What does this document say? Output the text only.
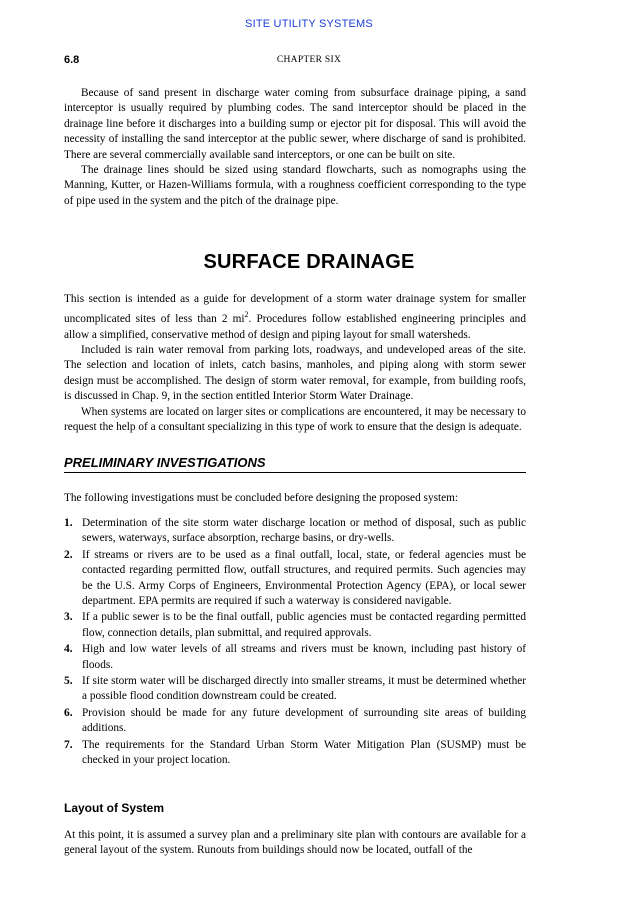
SITE UTILITY SYSTEMS
6.8	CHAPTER SIX

Because of sand present in discharge water coming from subsurface drainage piping, a sand interceptor is usually required by plumbing codes. The sand interceptor should be placed in the drainage line before it discharges into a building sump or ejector pit for disposal. This will avoid the necessity of installing the sand interceptor at the public sewer, where discharge of sand is prohibited. There are several commercially available sand interceptors, or one can be built on site.

The drainage lines should be sized using standard flowcharts, such as nomographs using the Manning, Kutter, or Hazen-Williams formula, with a roughness coefficient corresponding to the type of pipe used in the system and the pitch of the drainage pipe.

SURFACE DRAINAGE

This section is intended as a guide for development of a storm water drainage system for smaller uncomplicated sites of less than 2 $mi^2$. Procedures follow established engineering principles and allow a simplified, conservative method of design and piping layout for small watersheds.

Included is rain water removal from parking lots, roadways, and undeveloped areas of the site. The selection and location of inlets, catch basins, manholes, and piping along with storm sewer design must be accomplished. The design of storm water removal, for example, from building roofs, is discussed in Chap. 9, in the section entitled Interior Storm Water Drainage.

When systems are located on larger sites or complications are encountered, it may be necessary to request the help of a consultant specializing in this type of work to ensure that the design is adequate.

PRELIMINARY INVESTIGATIONS

The following investigations must be concluded before designing the proposed system:

1. Determination of the site storm water discharge location or method of disposal, such as public sewers, waterways, surface absorption, recharge basins, or dry-wells.

2. If streams or rivers are to be used as a final outfall, local, state, or federal agencies must be contacted regarding permitted flow, outfall structures, and required permits. Such agencies may be the U.S. Army Corps of Engineers, Environmental Protection Agency (EPA), or local sewer department. EPA permits are required if such a waterway is considered navigable.

3. If a public sewer is to be the final outfall, public agencies must be contacted regarding permitted flow, connection details, plan submittal, and required approvals.

4. High and low water levels of all streams and rivers must be known, including past history of floods.

5. If site storm water will be discharged directly into smaller streams, it must be determined whether a possible flood condition downstream could be created.

6. Provision should be made for any future development of surrounding site areas of building additions.

7. The requirements for the Standard Urban Storm Water Mitigation Plan (SUSMP) must be checked in your project location.

Layout of System

At this point, it is assumed a survey plan and a preliminary site plan with contours are available for a general layout of the system. Runouts from buildings should now be located, outfall of the
